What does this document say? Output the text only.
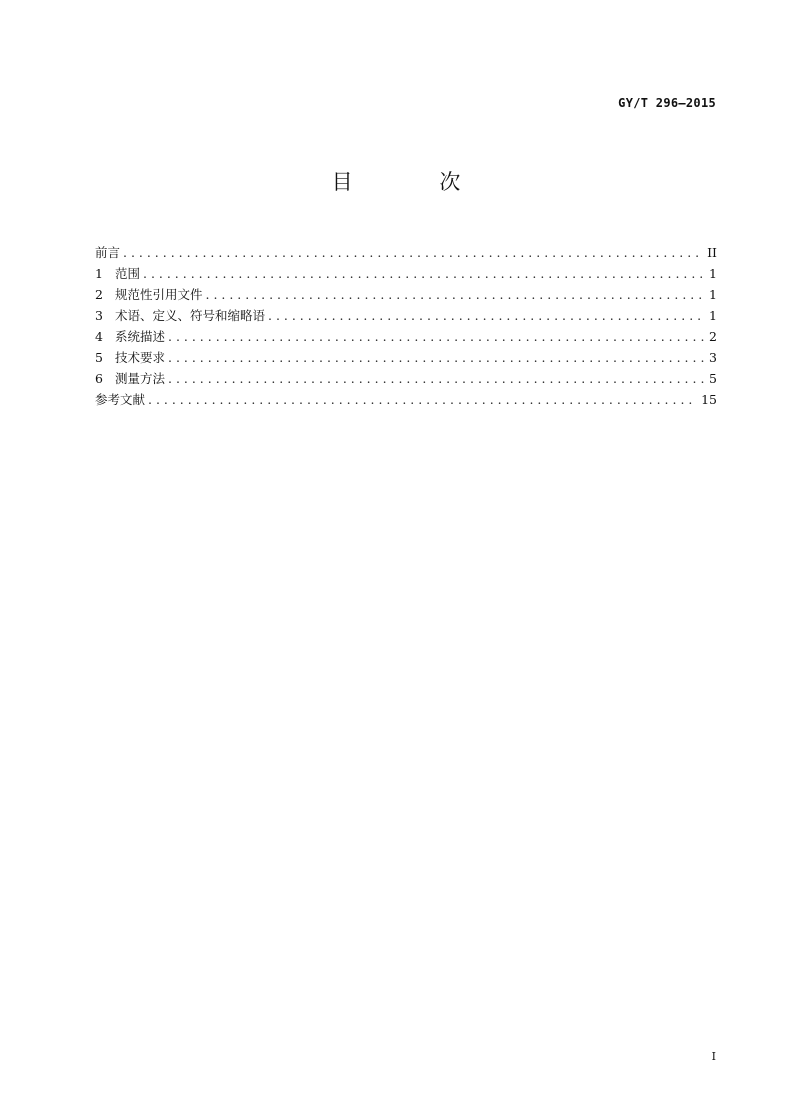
GY/T 296—2015
目 次
前言 . . .	II
1 范围 . . .	1
2 规范性引用文件 . . .	1
3 术语、定义、符号和缩略语 . . .	1
4 系统描述 . . .	2
5 技术要求 . . .	3
6 测量方法 . . .	5
参考文献 . . .	15
I
